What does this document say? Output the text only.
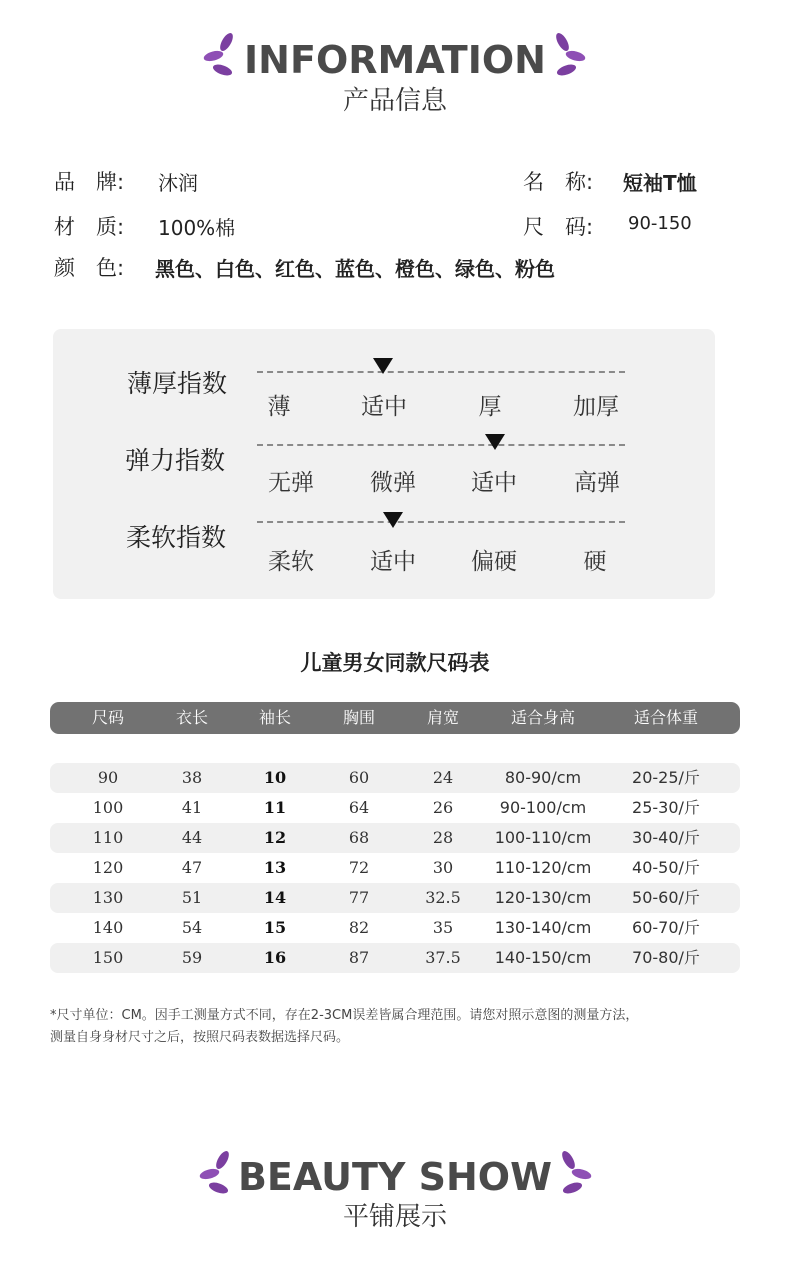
INFORMATION
产品信息
品　牌: 沐润	名　称: 短袖T恤
材　质: 100%棉	尺　码: 90-150
颜　色: 黑色、白色、红色、蓝色、橙色、绿色、粉色
薄厚指数
薄	适中	厚	加厚
弹力指数
无弹	微弹	适中	高弹
柔软指数
柔软	适中	偏硬	硬
儿童男女同款尺码表
尺码	衣长	袖长	胸围	肩宽	适合身高	适合体重
90	38	10	60	24	80-90/cm	20-25/斤
100	41	11	64	26	90-100/cm	25-30/斤
110	44	12	68	28	100-110/cm	30-40/斤
120	47	13	72	30	110-120/cm	40-50/斤
130	51	14	77	32.5	120-130/cm	50-60/斤
140	54	15	82	35	130-140/cm	60-70/斤
150	59	16	87	37.5	140-150/cm	70-80/斤
*尺寸单位：CM。因手工测量方式不同，存在2-3CM误差皆属合理范围。请您对照示意图的测量方法，
测量自身身材尺寸之后，按照尺码表数据选择尺码。
BEAUTY SHOW
平铺展示
